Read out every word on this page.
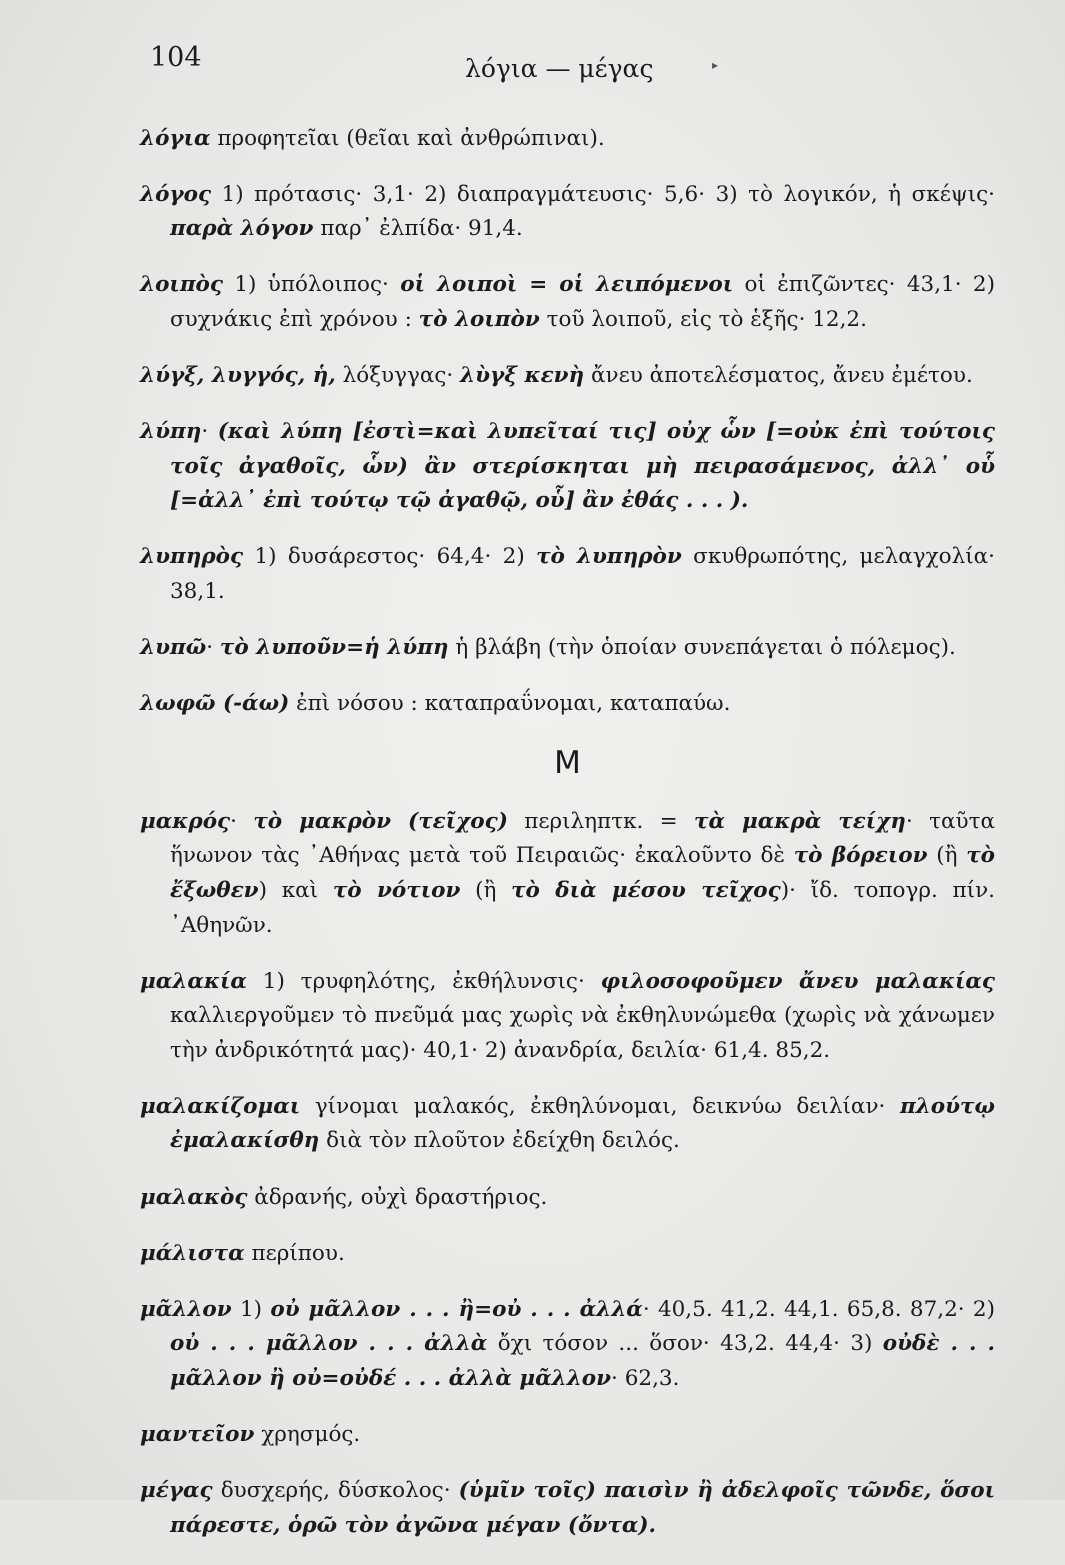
104	λόγια — μέγας	▸

λόγια προφητεῖαι (θεῖαι καὶ ἀνθρώπιναι).

λόγος 1) πρότασις· 3,1· 2) διαπραγμάτευσις· 5,6· 3) τὸ λογικόν, ἡ σκέψις· παρὰ λόγον παρ᾿ ἐλπίδα· 91,4.

λοιπὸς 1) ὑπόλοιπος· οἱ λοιποὶ = οἱ λειπόμενοι οἱ ἐπιζῶντες· 43,1· 2) συχνάκις ἐπὶ χρόνου : τὸ λοιπὸν τοῦ λοιποῦ, εἰς τὸ ἑξῆς· 12,2.

λύγξ, λυγγός, ἡ, λόξυγγας· λὺγξ κενὴ ἄνευ ἀποτελέσματος, ἄνευ ἐμέτου.

λύπη· (καὶ λύπη [ἐστὶ=καὶ λυπεῖταί τις] οὐχ ὧν [=οὐκ ἐπὶ τούτοις τοῖς ἀγαθοῖς, ὧν) ἂν στερίσκηται μὴ πειρασάμενος, ἀλλ᾿ οὗ [=ἀλλ᾿ ἐπὶ τούτῳ τῷ ἀγαθῷ, οὗ] ἂν ἐθάς . . . ).

λυπηρὸς 1) δυσάρεστος· 64,4· 2) τὸ λυπηρὸν σκυθρωπότης, μελαγχολία· 38,1.

λυπῶ· τὸ λυποῦν=ἡ λύπη ἡ βλάβη (τὴν ὁποίαν συνεπάγεται ὁ πόλεμος).

λωφῶ (-άω) ἐπὶ νόσου : καταπραΰνομαι, καταπαύω.

M

μακρός· τὸ μακρὸν (τεῖχος) περιληπτκ. = τὰ μακρὰ τείχη· ταῦτα ἥνωνον τὰς ᾿Αθήνας μετὰ τοῦ Πειραιῶς· ἐκαλοῦντο δὲ τὸ βόρειον (ἢ τὸ ἔξωθεν) καὶ τὸ νότιον (ἢ τὸ διὰ μέσου τεῖχος)· ἴδ. τοπογρ. πίν. ᾿Αθηνῶν.

μαλακία 1) τρυφηλότης, ἐκθήλυνσις· φιλοσοφοῦμεν ἄνευ μαλακίας καλλιεργοῦμεν τὸ πνεῦμά μας χωρὶς νὰ ἐκθηλυνώμεθα (χωρὶς νὰ χάνωμεν τὴν ἀνδρικότητά μας)· 40,1· 2) ἀνανδρία, δειλία· 61,4. 85,2.

μαλακίζομαι γίνομαι μαλακός, ἐκθηλύνομαι, δεικνύω δειλίαν· πλούτῳ ἐμαλακίσθη διὰ τὸν πλοῦτον ἐδείχθη δειλός.

μαλακὸς ἀδρανής, οὐχὶ δραστήριος.

μάλιστα περίπου.

μᾶλλον 1) οὐ μᾶλλον . . . ἢ=οὐ . . . ἀλλά· 40,5. 41,2. 44,1. 65,8. 87,2· 2) οὐ . . . μᾶλλον . . . ἀλλὰ ὄχι τόσον ... ὅσον· 43,2. 44,4· 3) οὐδὲ . . . μᾶλλον ἢ οὐ=οὐδέ . . . ἀλλὰ μᾶλλον· 62,3.

μαντεῖον χρησμός.

μέγας δυσχερής, δύσκολος· (ὑμῖν τοῖς) παισὶν ἢ ἀδελφοῖς τῶνδε, ὅσοι πάρεστε, ὁρῶ τὸν ἀγῶνα μέγαν (ὄντα).
